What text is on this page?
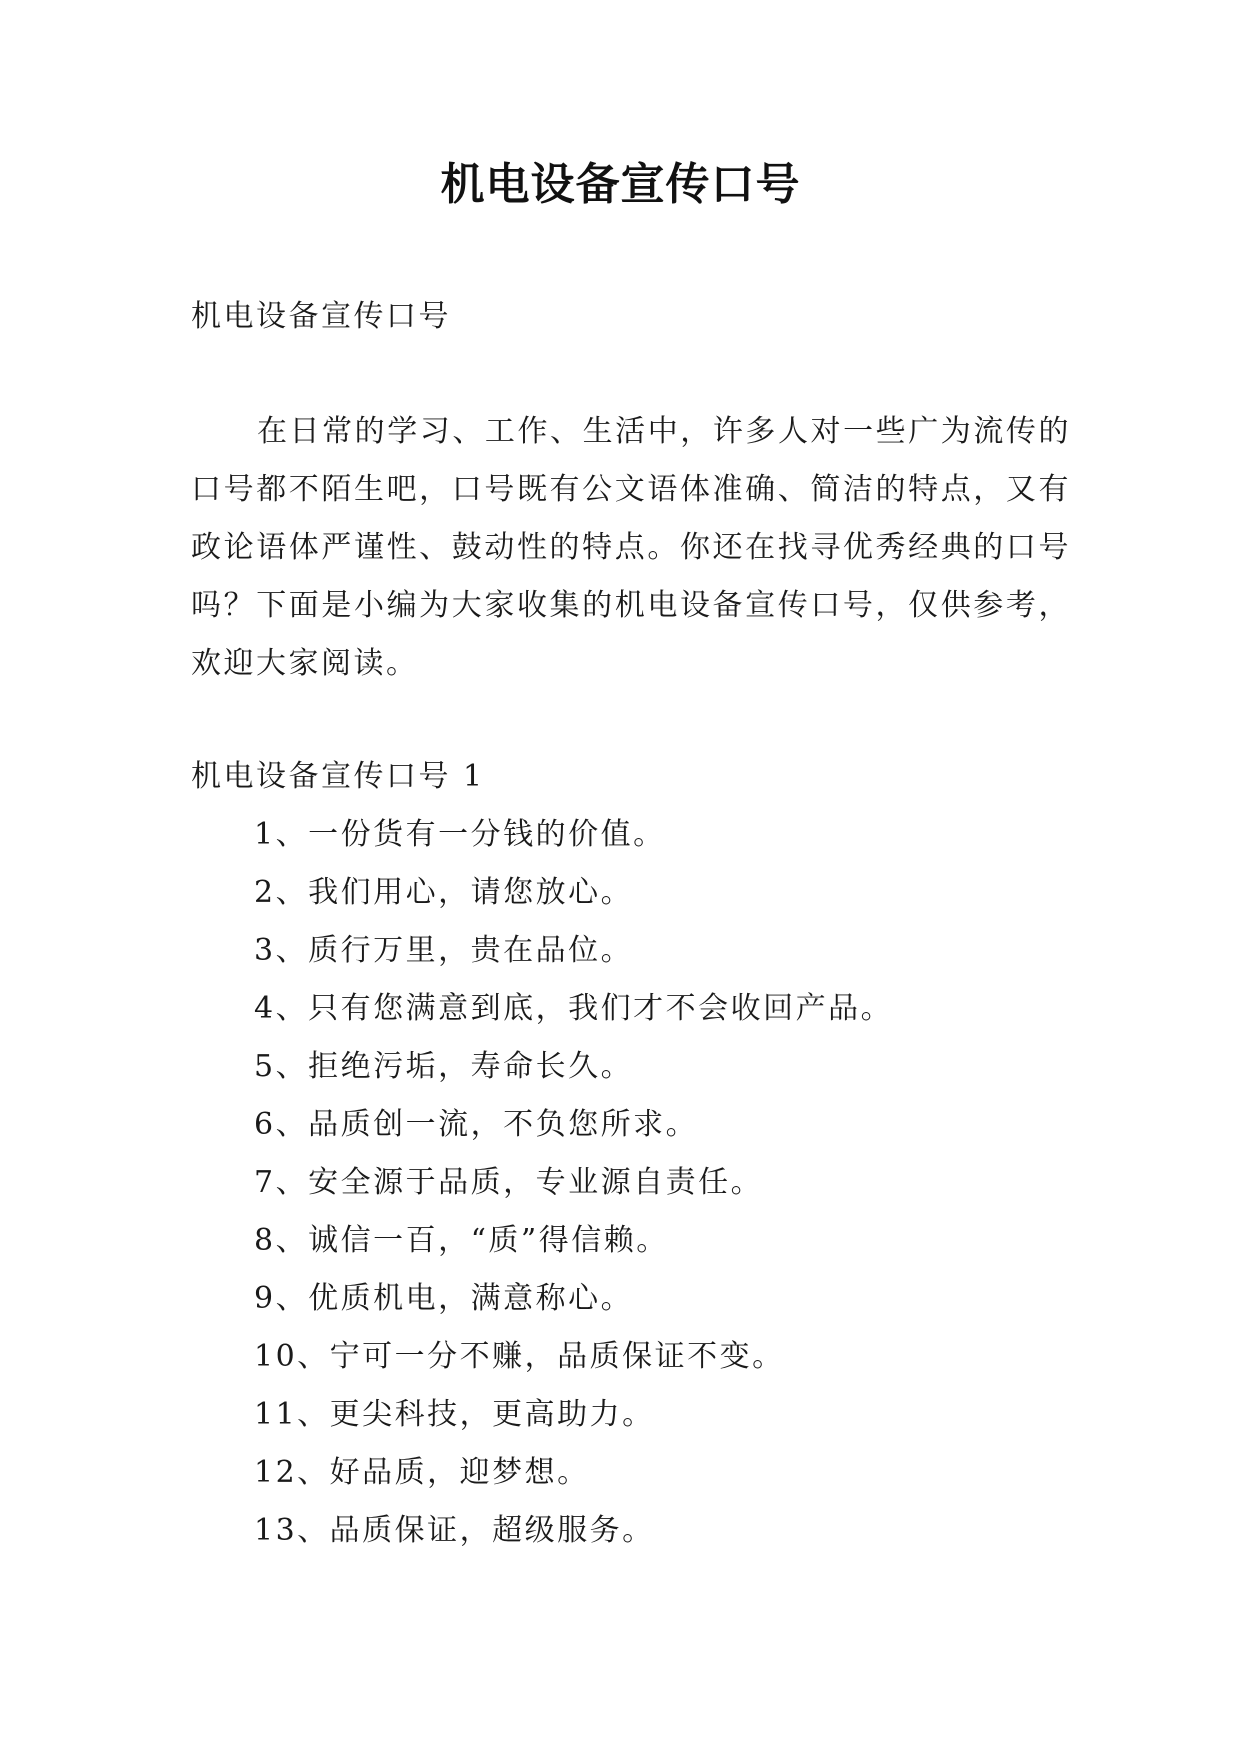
机电设备宣传口号
机电设备宣传口号

在日常的学习、工作、生活中，许多人对一些广为流传的口号都不陌生吧，口号既有公文语体准确、简洁的特点，又有政论语体严谨性、鼓动性的特点。你还在找寻优秀经典的口号吗？下面是小编为大家收集的机电设备宣传口号，仅供参考，欢迎大家阅读。

机电设备宣传口号 1
1、一份货有一分钱的价值。
2、我们用心，请您放心。
3、质行万里，贵在品位。
4、只有您满意到底，我们才不会收回产品。
5、拒绝污垢，寿命长久。
6、品质创一流，不负您所求。
7、安全源于品质，专业源自责任。
8、诚信一百，“质”得信赖。
9、优质机电，满意称心。
10、宁可一分不赚，品质保证不变。
11、更尖科技，更高助力。
12、好品质，迎梦想。
13、品质保证，超级服务。
